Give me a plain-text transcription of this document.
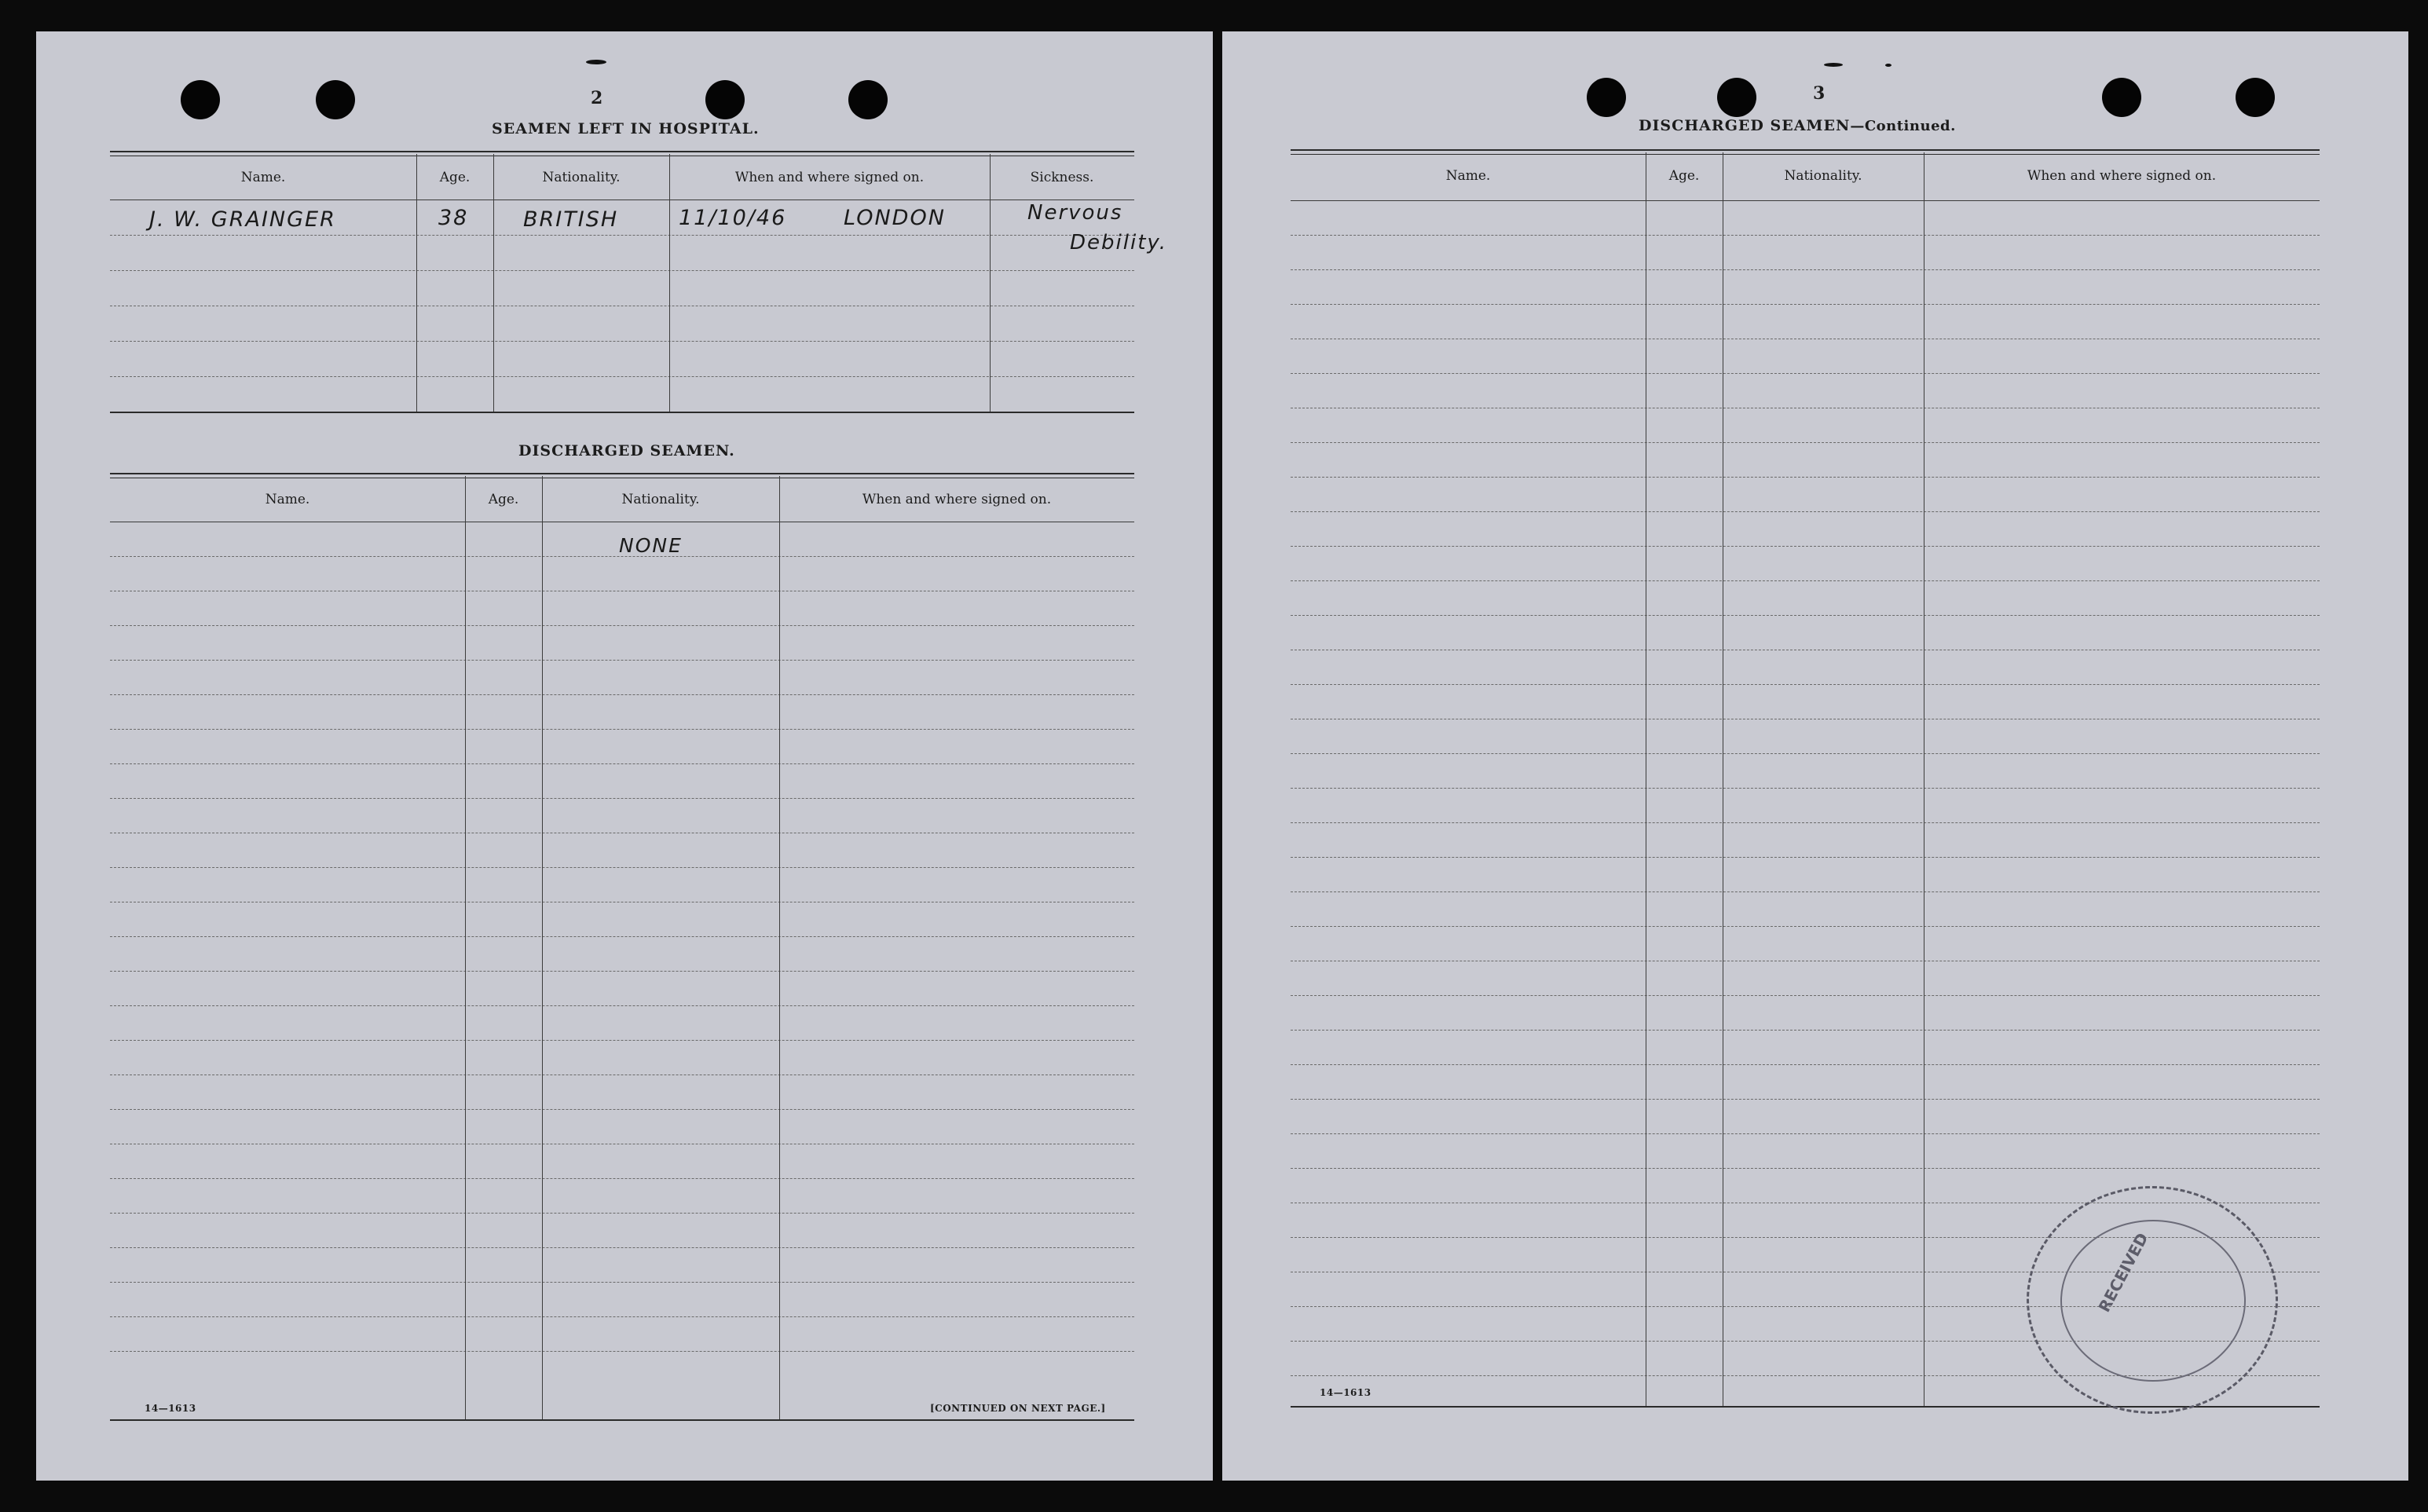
2
SEAMEN LEFT IN HOSPITAL.
Name.	Age.	Nationality.	When and where signed on.	Sickness.
J. W. GRAINGER	38	BRITISH	11/10/46	LONDON	Nervous
Debility.
DISCHARGED SEAMEN.
Name.	Age.	Nationality.	When and where signed on.
NONE
14—1613	[CONTINUED ON NEXT PAGE.]
3
DISCHARGED SEAMEN—Continued.
Name.	Age.	Nationality.	When and where signed on.
14—1613
RECEIVED
